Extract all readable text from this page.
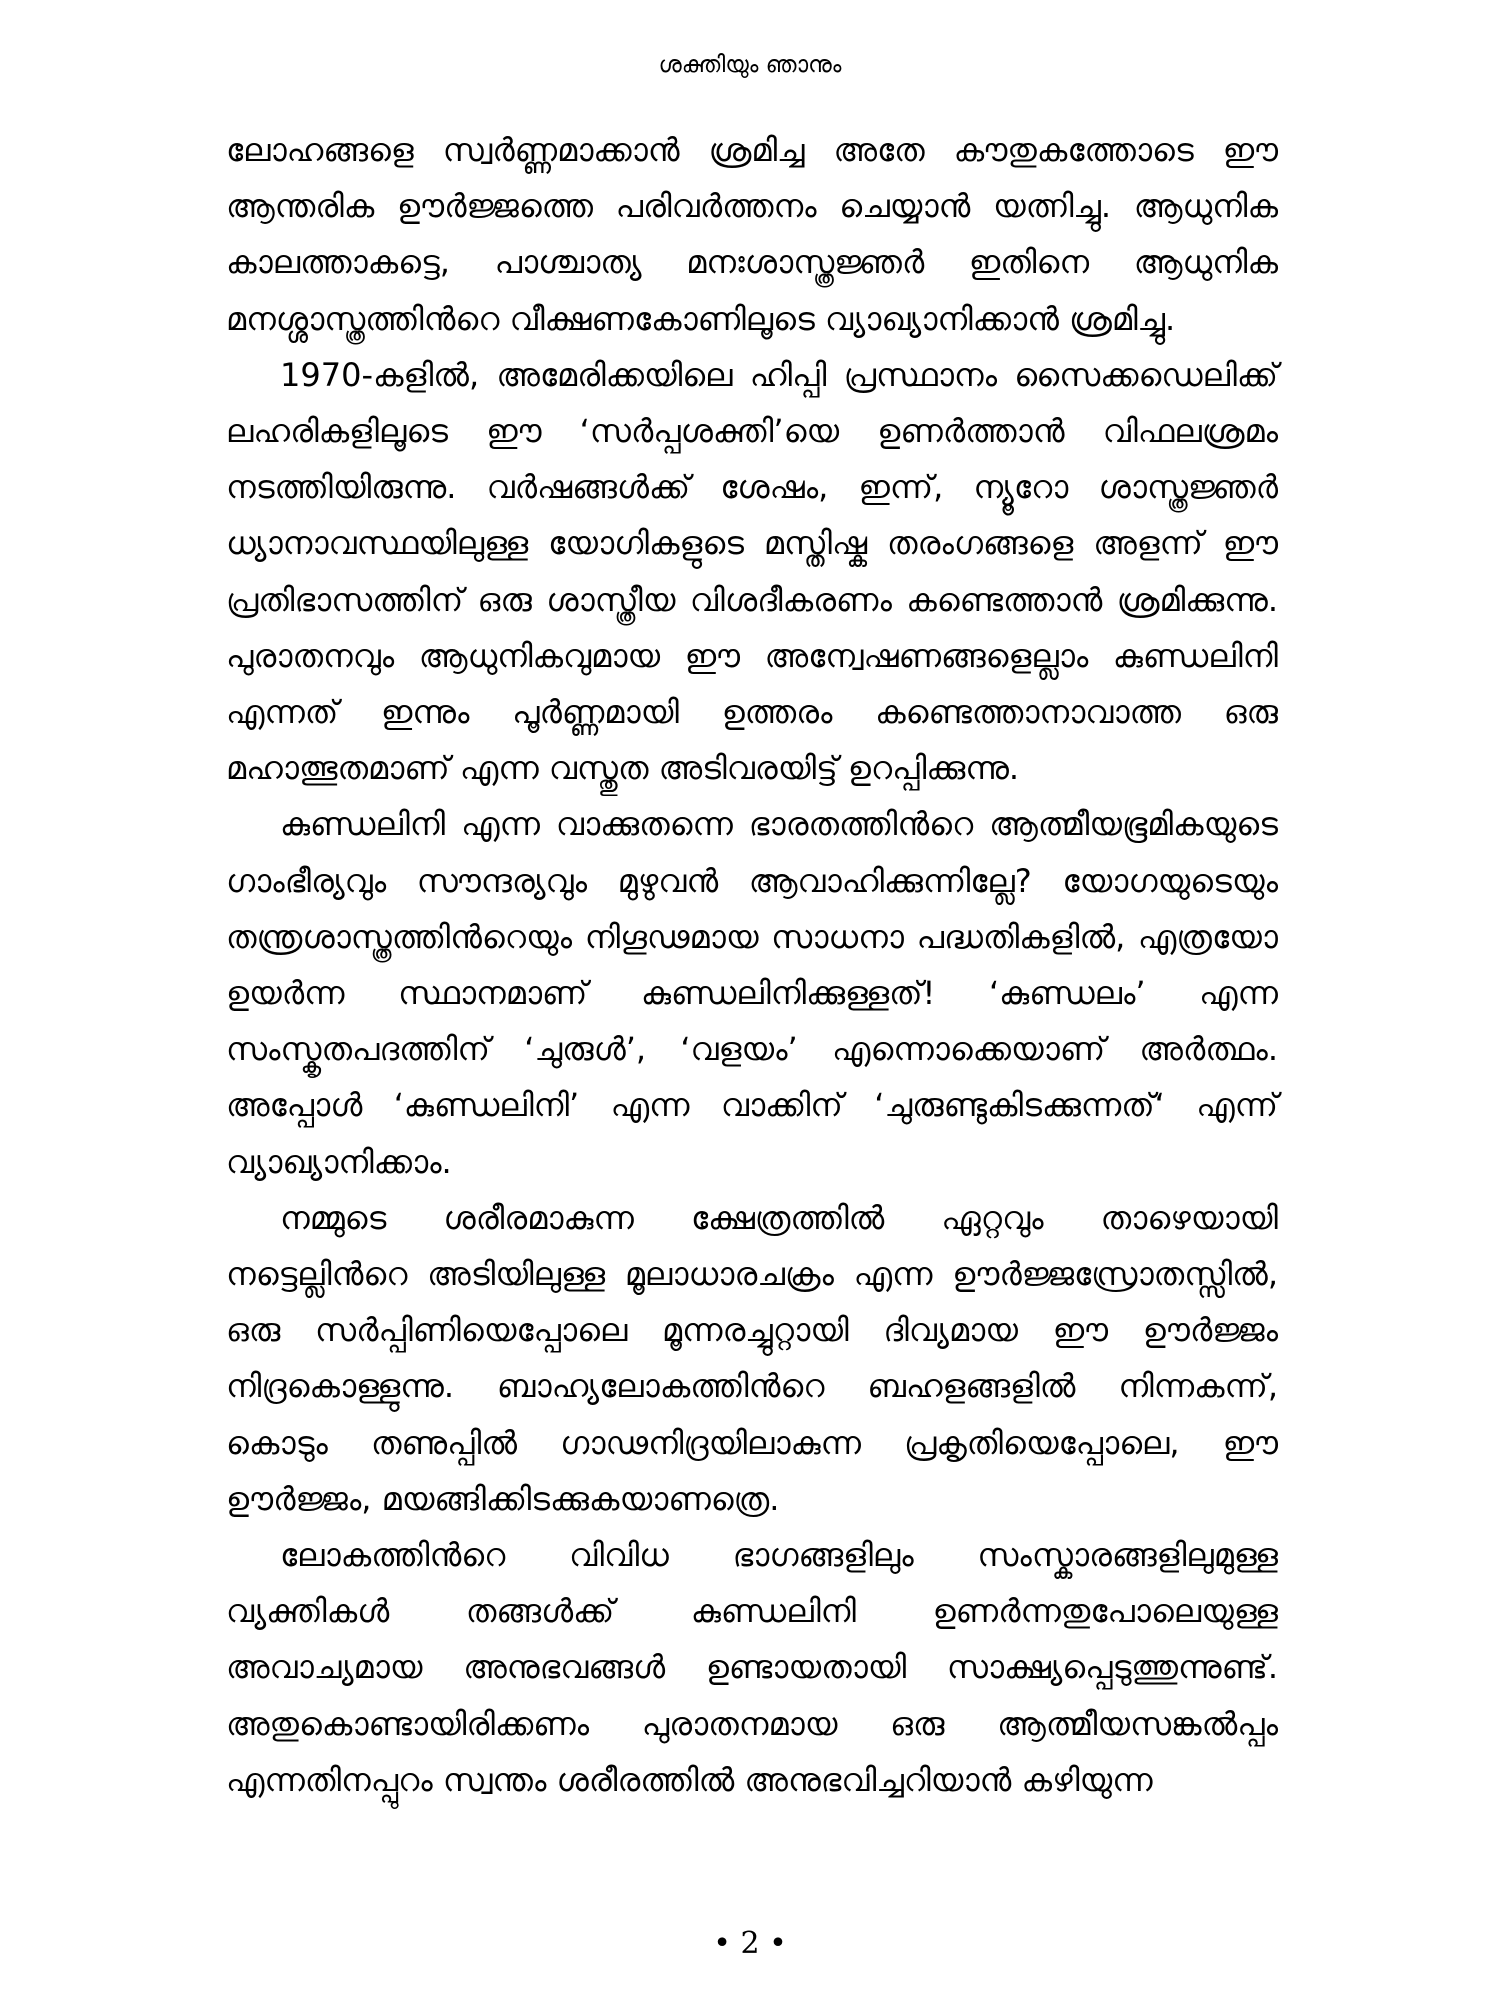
ശക്തിയും ഞാനും

ലോഹങ്ങളെ സ്വർണ്ണമാക്കാൻ ശ്രമിച്ച അതേ കൗതുകത്തോടെ ഈ ആന്തരിക ഊർജ്ജത്തെ പരിവർത്തനം ചെയ്യാൻ യത്നിച്ചു. ആധുനിക കാലത്താകട്ടെ, പാശ്ചാത്യ മനഃശാസ്ത്രജ്ഞർ ഇതിനെ ആധുനിക മനശ്ശാസ്ത്രത്തിൻറെ വീക്ഷണകോണിലൂടെ വ്യാഖ്യാനിക്കാൻ ശ്രമിച്ചു.

1970-കളിൽ, അമേരിക്കയിലെ ഹിപ്പി പ്രസ്ഥാനം സൈക്കഡെലിക്ക് ലഹരികളിലൂടെ ഈ ‘സർപ്പശക്തി’യെ ഉണർത്താൻ വിഫലശ്രമം നടത്തിയിരുന്നു. വർഷങ്ങൾക്ക് ശേഷം, ഇന്ന്, ന്യൂറോ ശാസ്ത്രജ്ഞർ ധ്യാനാവസ്ഥയിലുള്ള യോഗികളുടെ മസ്തിഷ്ക തരംഗങ്ങളെ അളന്ന് ഈ പ്രതിഭാസത്തിന് ഒരു ശാസ്ത്രീയ വിശദീകരണം കണ്ടെത്താൻ ശ്രമിക്കുന്നു. പുരാതനവും ആധുനികവുമായ ഈ അന്വേഷണങ്ങളെല്ലാം കുണ്ഡലിനി എന്നത് ഇന്നും പൂർണ്ണമായി ഉത്തരം കണ്ടെത്താനാവാത്ത ഒരു മഹാത്ഭുതമാണ് എന്ന വസ്തുത അടിവരയിട്ട് ഉറപ്പിക്കുന്നു.

കുണ്ഡലിനി എന്ന വാക്കുതന്നെ ഭാരതത്തിൻറെ ആത്മീയഭൂമികയുടെ ഗാംഭീര്യവും സൗന്ദര്യവും മുഴുവൻ ആവാഹിക്കുന്നില്ലേ? യോഗയുടെയും തന്ത്രശാസ്ത്രത്തിൻറെയും നിഗൂഢമായ സാധനാ പദ്ധതികളിൽ, എത്രയോ ഉയർന്ന സ്ഥാനമാണ് കുണ്ഡലിനിക്കുള്ളത്! ‘കുണ്ഡലം’ എന്ന സംസ്കൃതപദത്തിന് ‘ചുരുൾ’, ‘വളയം’ എന്നൊക്കെയാണ് അർത്ഥം. അപ്പോൾ ‘കുണ്ഡലിനി’ എന്ന വാക്കിന് ‘ചുരുണ്ടുകിടക്കുന്നത്‘ എന്ന് വ്യാഖ്യാനിക്കാം.

നമ്മുടെ ശരീരമാകുന്ന ക്ഷേത്രത്തിൽ ഏറ്റവും താഴെയായി നട്ടെല്ലിൻറെ അടിയിലുള്ള മൂലാധാരചക്രം എന്ന ഊർജ്ജസ്രോതസ്സിൽ, ഒരു സർപ്പിണിയെപ്പോലെ മൂന്നരച്ചുറ്റായി ദിവ്യമായ ഈ ഊർജ്ജം നിദ്രകൊള്ളുന്നു. ബാഹ്യലോകത്തിൻറെ ബഹളങ്ങളിൽ നിന്നകന്ന്, കൊടും തണുപ്പിൽ ഗാഢനിദ്രയിലാകുന്ന പ്രകൃതിയെപ്പോലെ, ഈ ഊർജ്ജം, മയങ്ങിക്കിടക്കുകയാണത്രെ.

ലോകത്തിൻറെ വിവിധ ഭാഗങ്ങളിലും സംസ്കാരങ്ങളിലുമുള്ള വ്യക്തികൾ തങ്ങൾക്ക് കുണ്ഡലിനി ഉണർന്നതുപോലെയുള്ള അവാച്യമായ അനുഭവങ്ങൾ ഉണ്ടായതായി സാക്ഷ്യപ്പെടുത്തുന്നുണ്ട്. അതുകൊണ്ടായിരിക്കണം പുരാതനമായ ഒരു ആത്മീയസങ്കൽപ്പം എന്നതിനപ്പുറം സ്വന്തം ശരീരത്തിൽ അനുഭവിച്ചറിയാൻ കഴിയുന്ന

• 2 •
